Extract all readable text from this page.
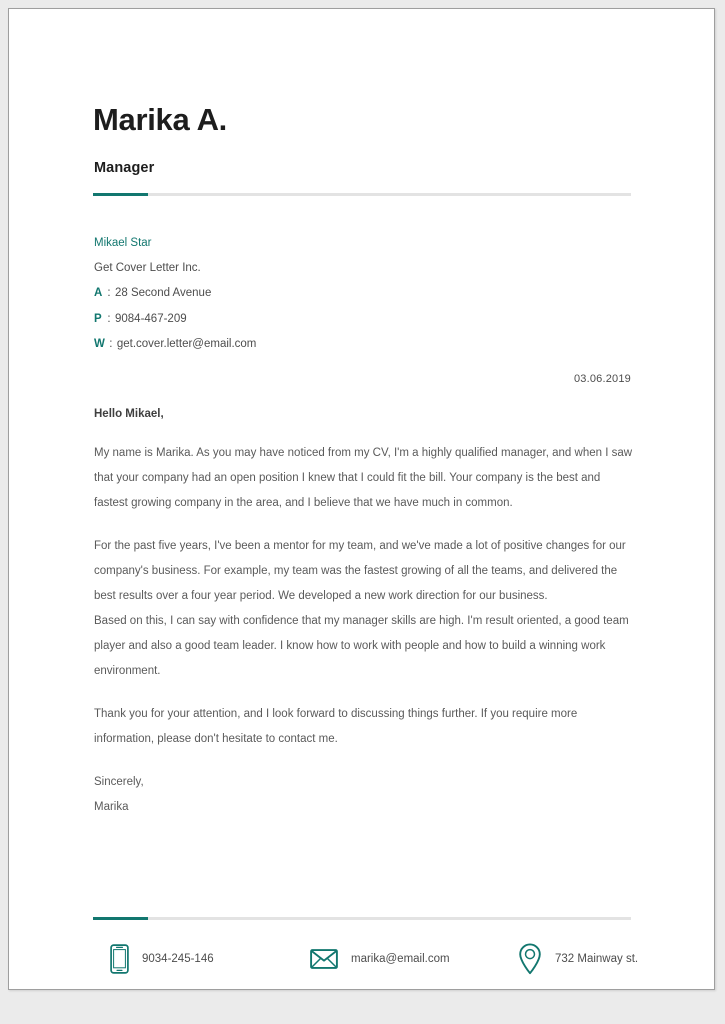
Marika A.
Manager
Mikael Star
Get Cover Letter Inc.
A : 28 Second Avenue
P : 9084-467-209
W : get.cover.letter@email.com
03.06.2019
Hello Mikael,

My name is Marika. As you may have noticed from my CV, I'm a highly qualified manager, and when I saw that your company had an open position I knew that I could fit the bill. Your company is the best and fastest growing company in the area, and I believe that we have much in common.

For the past five years, I've been a mentor for my team, and we've made a lot of positive changes for our company's business. For example, my team was the fastest growing of all the teams, and delivered the best results over a four year period. We developed a new work direction for our business.

Based on this, I can say with confidence that my manager skills are high. I'm result oriented, a good team player and also a good team leader. I know how to work with people and how to build a winning work environment.

Thank you for your attention, and I look forward to discussing things further. If you require more information, please don't hesitate to contact me.

Sincerely,

Marika

9034-245-146	marika@email.com	732 Mainway st.
